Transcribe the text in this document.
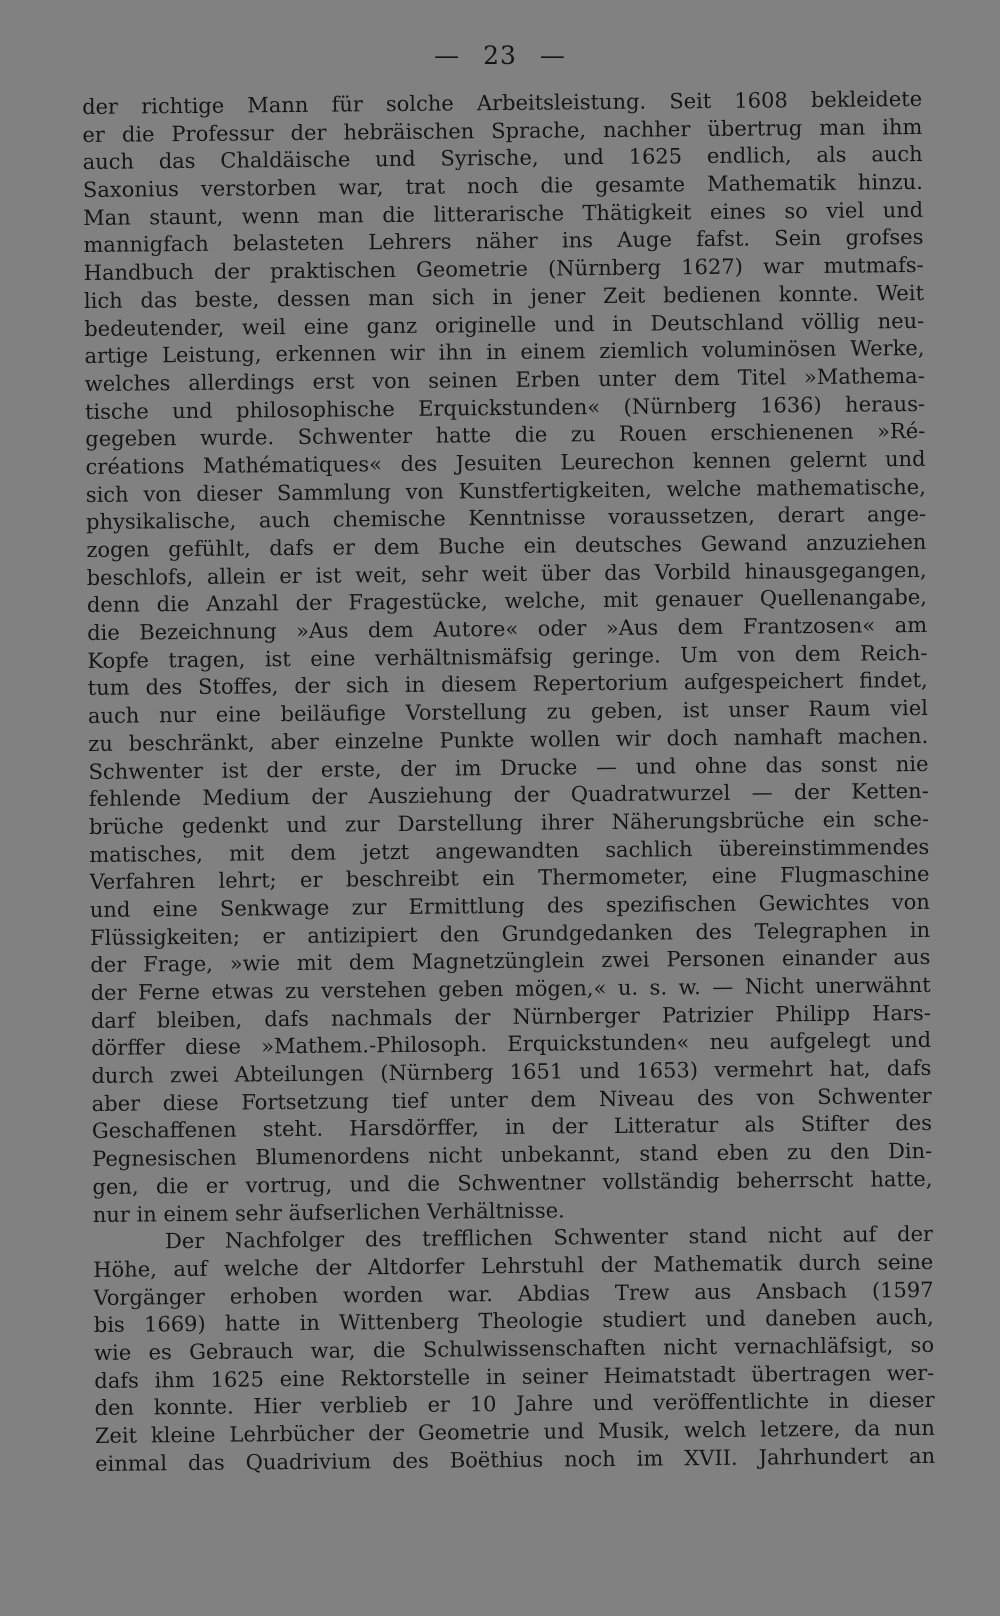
— 23 —
der richtige Mann für solche Arbeitsleistung. Seit 1608 bekleidete
er die Professur der hebräischen Sprache, nachher übertrug man ihm
auch das Chaldäische und Syrische, und 1625 endlich, als auch
Saxonius verstorben war, trat noch die gesamte Mathematik hinzu.
Man staunt, wenn man die litterarische Thätigkeit eines so viel und
mannigfach belasteten Lehrers näher ins Auge fafst. Sein grofses
Handbuch der praktischen Geometrie (Nürnberg 1627) war mutmafs-
lich das beste, dessen man sich in jener Zeit bedienen konnte. Weit
bedeutender, weil eine ganz originelle und in Deutschland völlig neu-
artige Leistung, erkennen wir ihn in einem ziemlich voluminösen Werke,
welches allerdings erst von seinen Erben unter dem Titel »Mathema-
tische und philosophische Erquickstunden« (Nürnberg 1636) heraus-
gegeben wurde. Schwenter hatte die zu Rouen erschienenen »Ré-
créations Mathématiques« des Jesuiten Leurechon kennen gelernt und
sich von dieser Sammlung von Kunstfertigkeiten, welche mathematische,
physikalische, auch chemische Kenntnisse voraussetzen, derart ange-
zogen gefühlt, dafs er dem Buche ein deutsches Gewand anzuziehen
beschlofs, allein er ist weit, sehr weit über das Vorbild hinausgegangen,
denn die Anzahl der Fragestücke, welche, mit genauer Quellenangabe,
die Bezeichnung »Aus dem Autore« oder »Aus dem Frantzosen« am
Kopfe tragen, ist eine verhältnismäfsig geringe. Um von dem Reich-
tum des Stoffes, der sich in diesem Repertorium aufgespeichert findet,
auch nur eine beiläufige Vorstellung zu geben, ist unser Raum viel
zu beschränkt, aber einzelne Punkte wollen wir doch namhaft machen.
Schwenter ist der erste, der im Drucke — und ohne das sonst nie
fehlende Medium der Ausziehung der Quadratwurzel — der Ketten-
brüche gedenkt und zur Darstellung ihrer Näherungsbrüche ein sche-
matisches, mit dem jetzt angewandten sachlich übereinstimmendes
Verfahren lehrt; er beschreibt ein Thermometer, eine Flugmaschine
und eine Senkwage zur Ermittlung des spezifischen Gewichtes von
Flüssigkeiten; er antizipiert den Grundgedanken des Telegraphen in
der Frage, »wie mit dem Magnetzünglein zwei Personen einander aus
der Ferne etwas zu verstehen geben mögen,« u. s. w. — Nicht unerwähnt
darf bleiben, dafs nachmals der Nürnberger Patrizier Philipp Hars-
dörffer diese »Mathem.-Philosoph. Erquickstunden« neu aufgelegt und
durch zwei Abteilungen (Nürnberg 1651 und 1653) vermehrt hat, dafs
aber diese Fortsetzung tief unter dem Niveau des von Schwenter
Geschaffenen steht. Harsdörffer, in der Litteratur als Stifter des
Pegnesischen Blumenordens nicht unbekannt, stand eben zu den Din-
gen, die er vortrug, und die Schwentner vollständig beherrscht hatte,
nur in einem sehr äufserlichen Verhältnisse.
Der Nachfolger des trefflichen Schwenter stand nicht auf der
Höhe, auf welche der Altdorfer Lehrstuhl der Mathematik durch seine
Vorgänger erhoben worden war. Abdias Trew aus Ansbach (1597
bis 1669) hatte in Wittenberg Theologie studiert und daneben auch,
wie es Gebrauch war, die Schulwissenschaften nicht vernachläfsigt, so
dafs ihm 1625 eine Rektorstelle in seiner Heimatstadt übertragen wer-
den konnte. Hier verblieb er 10 Jahre und veröffentlichte in dieser
Zeit kleine Lehrbücher der Geometrie und Musik, welch letzere, da nun
einmal das Quadrivium des Boëthius noch im XVII. Jahrhundert an
